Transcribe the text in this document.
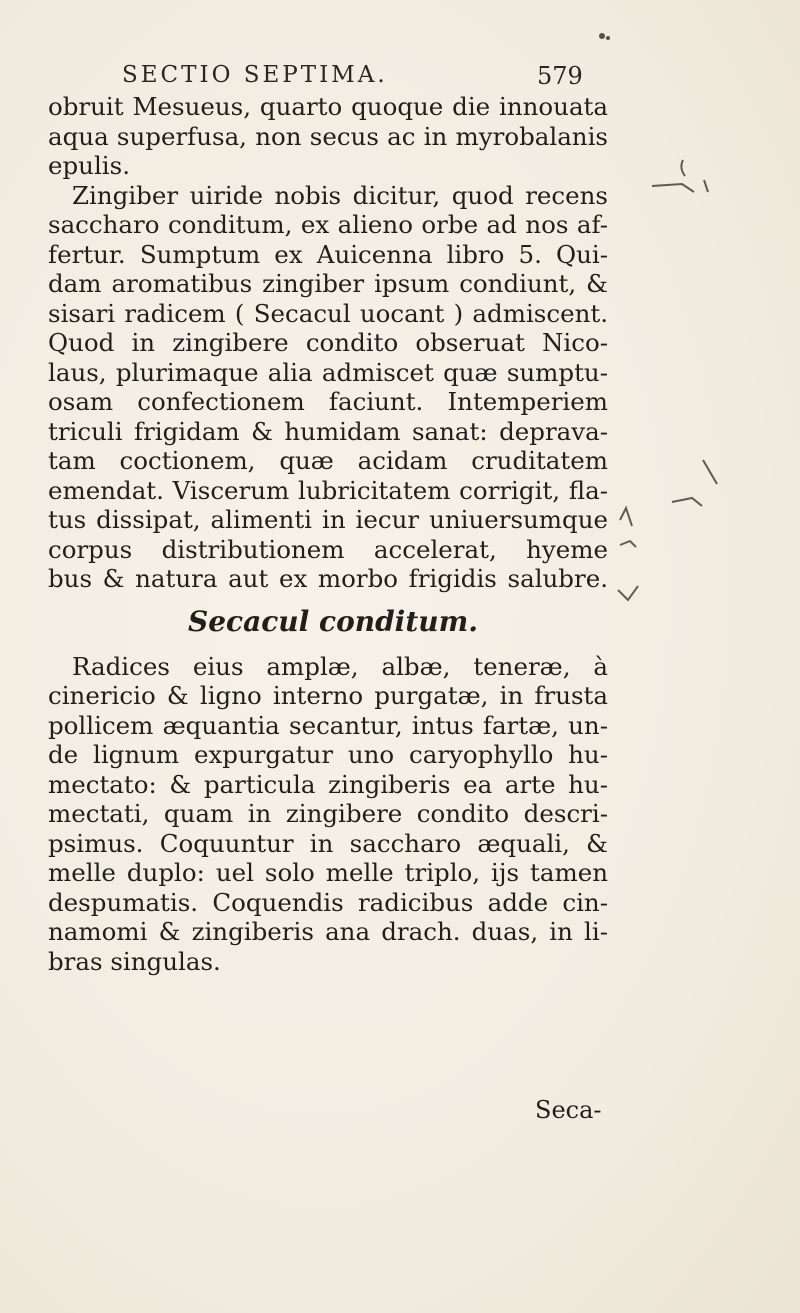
SECTIO SEPTIMA.	579
obruit Mesueus, quarto quoque die innouata
aqua superfusa, non secus ac in myrobalanis
epulis.
Zingiber uiride nobis dicitur, quod recens
saccharo conditum, ex alieno orbe ad nos af-
fertur. Sumptum ex Auicenna libro 5. Qui-
dam aromatibus zingiber ipsum condiunt, &
sisari radicem ( Secacul uocant ) admiscent.
Quod in zingibere condito obseruat Nico-
laus, plurimaque alia admiscet quæ sumptu-
osam confectionem faciunt. Intemperiem
triculi frigidam & humidam sanat: deprava-
tam coctionem, quæ acidam cruditatem
emendat. Viscerum lubricitatem corrigit, fla-
tus dissipat, alimenti in iecur uniuersumque
corpus distributionem accelerat, hyeme
bus & natura aut ex morbo frigidis salubre.
Secacul conditum.
Radices eius amplæ, albæ, teneræ, à
cinericio & ligno interno purgatæ, in frusta
pollicem æquantia secantur, intus fartæ, un-
de lignum expurgatur uno caryophyllo hu-
mectato: & particula zingiberis ea arte hu-
mectati, quam in zingibere condito descri-
psimus. Coquuntur in saccharo æquali, &
melle duplo: uel solo melle triplo, ijs tamen
despumatis. Coquendis radicibus adde cin-
namomi & zingiberis ana drach. duas, in li-
bras singulas.
Seca-
